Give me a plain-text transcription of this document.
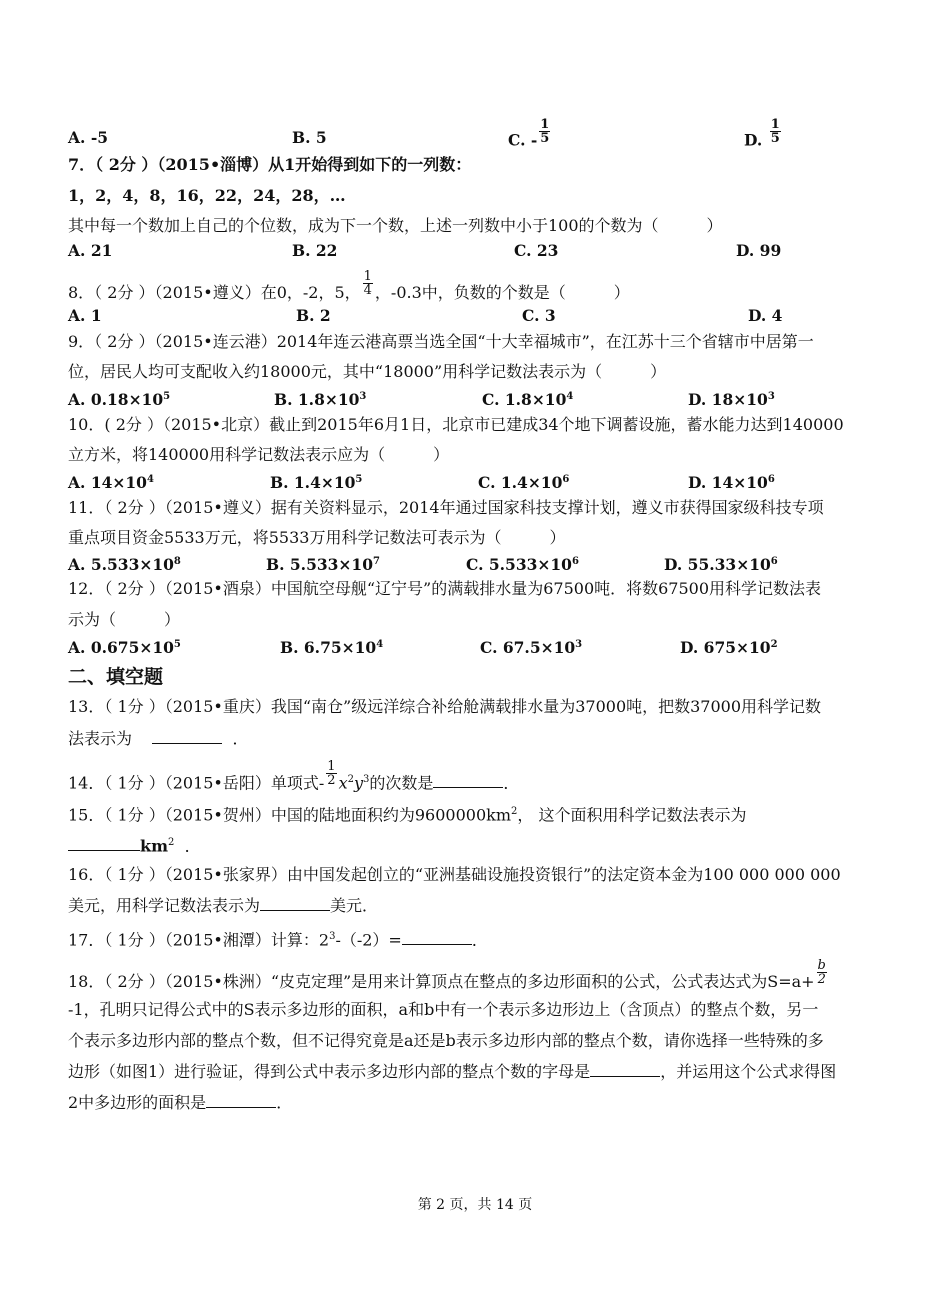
A. -5	B. 5	C. - $\frac{1}{5}$	D. $\frac{1}{5}$
7．（ 2分 ）（2015•淄博）从1开始得到如下的一列数：
1，2，4，8，16，22，24，28，…
其中每一个数加上自己的个位数，成为下一个数，上述一列数中小于100的个数为（　　　）
A. 21	B. 22	C. 23	D. 99
8．（ 2分 ）（2015•遵义）在0，-2，5， $\frac{1}{4}$ ，-0.3中，负数的个数是（　　　）
A. 1	B. 2	C. 3	D. 4
9．（ 2分 ）（2015•连云港）2014年连云港高票当选全国“十大幸福城市”，在江苏十三个省辖市中居第一
位，居民人均可支配收入约18000元，其中“18000”用科学记数法表示为（　　　）
A. $0.18\times 10^5$	B. $1.8\times 10^3$	C. $1.8\times 10^4$	D. $18\times 10^3$
10．( 2分 ）（2015•北京）截止到2015年6月1日，北京市已建成34个地下调蓄设施，蓄水能力达到140000
立方米，将140000用科学记数法表示应为（　　　）
A. $14\times 10^4$	B. $1.4\times 10^5$	C. $1.4\times 10^6$	D. $14\times 10^6$
11．（ 2分 ）（2015•遵义）据有关资料显示，2014年通过国家科技支撑计划，遵义市获得国家级科技专项
重点项目资金5533万元，将5533万用科学记数法可表示为（　　　）
A. $5.533\times 10^8$	B. $5.533\times 10^7$	C. $5.533\times 10^6$	D. $55.33\times 10^6$
12．（ 2分 ）（2015•酒泉）中国航空母舰“辽宁号”的满载排水量为67500吨．将数67500用科学记数法表
示为（　　　）
A. $0.675\times 10^5$	B. $6.75\times 10^4$	C. $67.5\times 10^3$	D. $675\times 10^2$
二、填空题
13．（ 1分 ）（2015•重庆）我国“南仓”级远洋综合补给舱满载排水量为37000吨，把数37000用科学记数
法表示为	．
14．（ 1分 ）（2015•岳阳）单项式- $\frac{1}{2} x^2y^3$的次数是	．
15．（ 1分 ）（2015•贺州）中国的陆地面积约为$9600000km^2$， 这个面积用科学记数法表示为
$km^2$ ．
16．（ 1分 ）（2015•张家界）由中国发起创立的“亚洲基础设施投资银行”的法定资本金为100 000 000 000
美元，用科学记数法表示为	美元．
17．（ 1分 ）（2015•湘潭）计算：$2^3-(-2)=$	．
18．（ 2分 ）（2015•株洲）“皮克定理”是用来计算顶点在整点的多边形面积的公式，公式表达式为$S=a+ \frac{b}{2}$
-1，孔明只记得公式中的S表示多边形的面积，a和b中有一个表示多边形边上（含顶点）的整点个数，另一
个表示多边形内部的整点个数，但不记得究竟是a还是b表示多边形内部的整点个数，请你选择一些特殊的多
边形（如图1）进行验证，得到公式中表示多边形内部的整点个数的字母是	，并运用这个公式求得图
2中多边形的面积是	．
第 2 页，共 14 页
